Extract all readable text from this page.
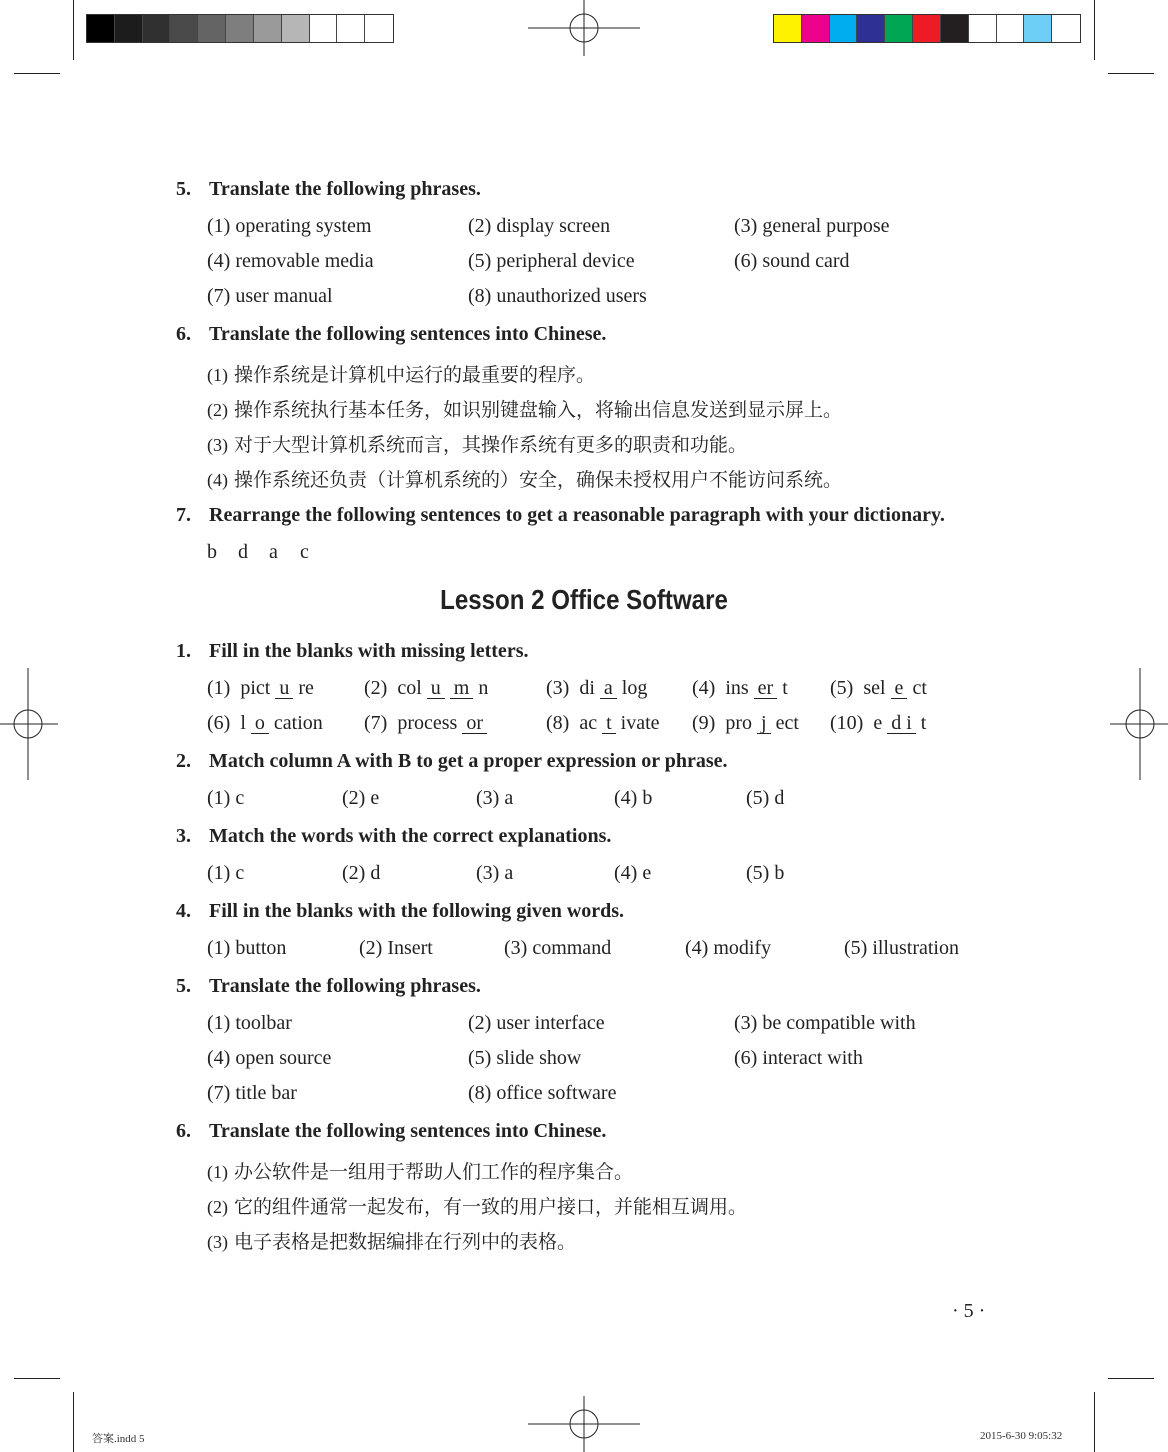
5. Translate the following phrases.
(1) operating system	(2) display screen	(3) general purpose
(4) removable media	(5) peripheral device	(6) sound card
(7) user manual	(8) unauthorized users
6. Translate the following sentences into Chinese.
(1) 操作系统是计算机中运行的最重要的程序。
(2) 操作系统执行基本任务，如识别键盘输入，将输出信息发送到显示屏上。
(3) 对于大型计算机系统而言，其操作系统有更多的职责和功能。
(4) 操作系统还负责（计算机系统的）安全，确保未授权用户不能访问系统。
7. Rearrange the following sentences to get a reasonable paragraph with your dictionary.
b d a c
Lesson 2 Office Software
1. Fill in the blanks with missing letters.
(1) pict u re	(2) col u m n	(3) di a log (4) ins er t (5) sel e ct
(6) l o cation (7) process or	(8) ac t ivate (9) pro j ect (10) e d i t
2. Match column A with B to get a proper expression or phrase.
(1) c	(2) e	(3) a	(4) b	(5) d
3. Match the words with the correct explanations.
(1) c	(2) d	(3) a	(4) e	(5) b
4. Fill in the blanks with the following given words.
(1) button	(2) Insert	(3) command	(4) modify	(5) illustration
5. Translate the following phrases.
(1) toolbar	(2) user interface	(3) be compatible with
(4) open source	(5) slide show	(6) interact with
(7) title bar	(8) office software
6. Translate the following sentences into Chinese.
(1) 办公软件是一组用于帮助人们工作的程序集合。
(2) 它的组件通常一起发布，有一致的用户接口，并能相互调用。
(3) 电子表格是把数据编排在行列中的表格。
· 5 ·
答案.indd 5	2015-6-30 9:05:32
